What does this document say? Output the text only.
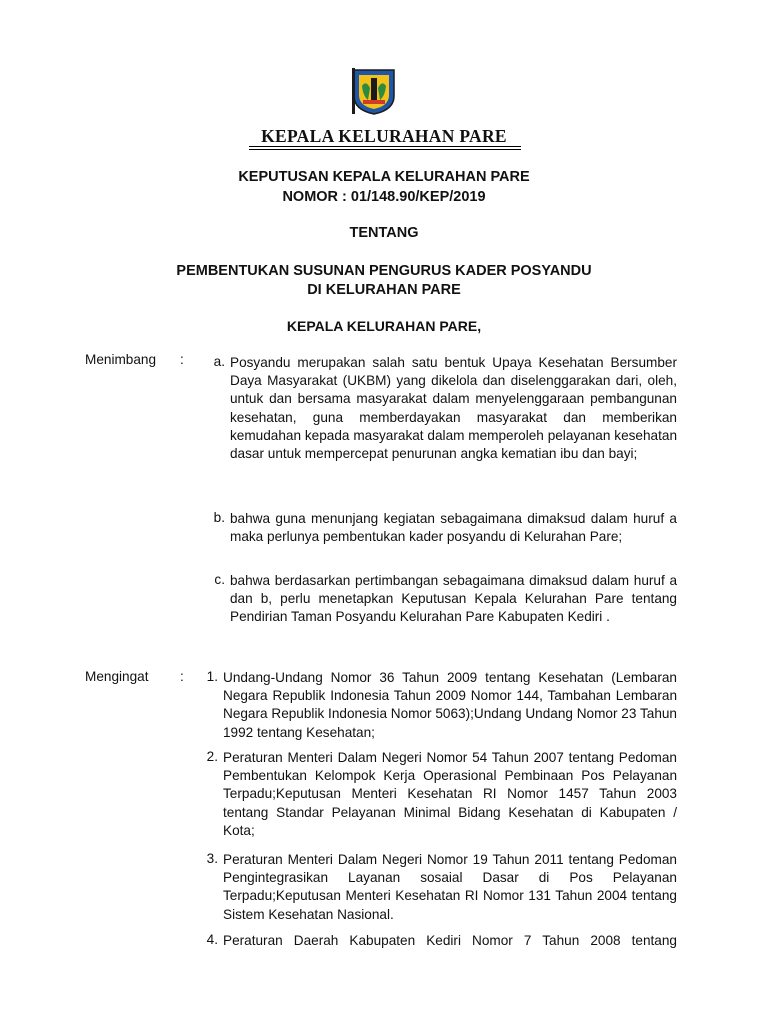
KEPALA KELURAHAN PARE
KEPUTUSAN KEPALA KELURAHAN PARE
NOMOR : 01/148.90/KEP/2019
TENTANG
PEMBENTUKAN SUSUNAN PENGURUS KADER POSYANDU
DI KELURAHAN PARE
KEPALA KELURAHAN PARE,
Menimbang :	a. Posyandu merupakan salah satu bentuk Upaya Kesehatan Bersumber Daya Masyarakat (UKBM) yang dikelola dan diselenggarakan dari, oleh, untuk dan bersama masyarakat dalam menyelenggaraan pembangunan kesehatan, guna memberdayakan masyarakat dan memberikan kemudahan kepada masyarakat dalam memperoleh pelayanan kesehatan dasar untuk mempercepat penurunan angka kematian ibu dan bayi;
b. bahwa guna menunjang kegiatan sebagaimana dimaksud dalam huruf a maka perlunya pembentukan kader posyandu di Kelurahan Pare;
c. bahwa berdasarkan pertimbangan sebagaimana dimaksud dalam huruf a dan b, perlu menetapkan Keputusan Kepala Kelurahan Pare tentang Pendirian Taman Posyandu Kelurahan Pare Kabupaten Kediri .
Mengingat :	1. Undang-Undang Nomor 36 Tahun 2009 tentang Kesehatan (Lembaran Negara Republik Indonesia Tahun 2009 Nomor 144, Tambahan Lembaran Negara Republik Indonesia Nomor 5063);Undang Undang Nomor 23 Tahun 1992 tentang Kesehatan;
2. Peraturan Menteri Dalam Negeri Nomor 54 Tahun 2007 tentang Pedoman Pembentukan Kelompok Kerja Operasional Pembinaan Pos Pelayanan Terpadu;Keputusan Menteri Kesehatan RI Nomor 1457 Tahun 2003 tentang Standar Pelayanan Minimal Bidang Kesehatan di Kabupaten / Kota;
3. Peraturan Menteri Dalam Negeri Nomor 19 Tahun 2011 tentang Pedoman Pengintegrasikan Layanan sosaial Dasar di Pos Pelayanan Terpadu;Keputusan Menteri Kesehatan RI Nomor 131 Tahun 2004 tentang Sistem Kesehatan Nasional.
4. Peraturan Daerah Kabupaten Kediri Nomor 7 Tahun 2008 tentang
